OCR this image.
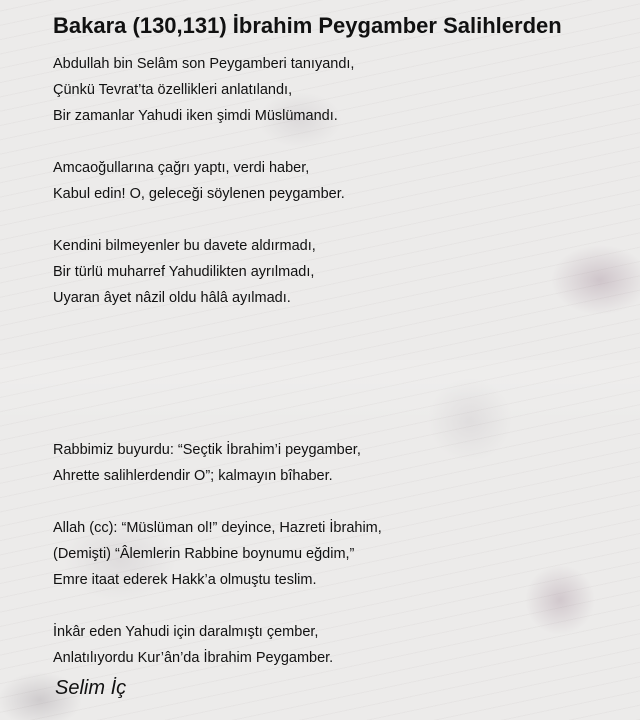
Bakara (130,131) İbrahim Peygamber Salihlerden
Abdullah bin Selâm son Peygamberi tanıyandı,
Çünkü Tevrat’ta özellikleri anlatılandı,
Bir zamanlar Yahudi iken şimdi Müslümandı.
Amcaoğullarına çağrı yaptı, verdi haber,
Kabul edin! O, geleceği söylenen peygamber.
Kendini bilmeyenler bu davete aldırmadı,
Bir türlü muharref Yahudilikten ayrılmadı,
Uyaran âyet nâzil oldu hâlâ ayılmadı.
Rabbimiz buyurdu: “Seçtik İbrahim’i peygamber,
Ahrette salihlerdendir O”; kalmayın bîhaber.
Allah (cc): “Müslüman ol!” deyince, Hazreti İbrahim,
(Demişti) “Âlemlerin Rabbine boynumu eğdim,”
Emre itaat ederek Hakk’a olmuştu teslim.
İnkâr eden Yahudi için daralmıştı çember,
Anlatılıyordu Kur’ân’da İbrahim Peygamber.
Selim İç
